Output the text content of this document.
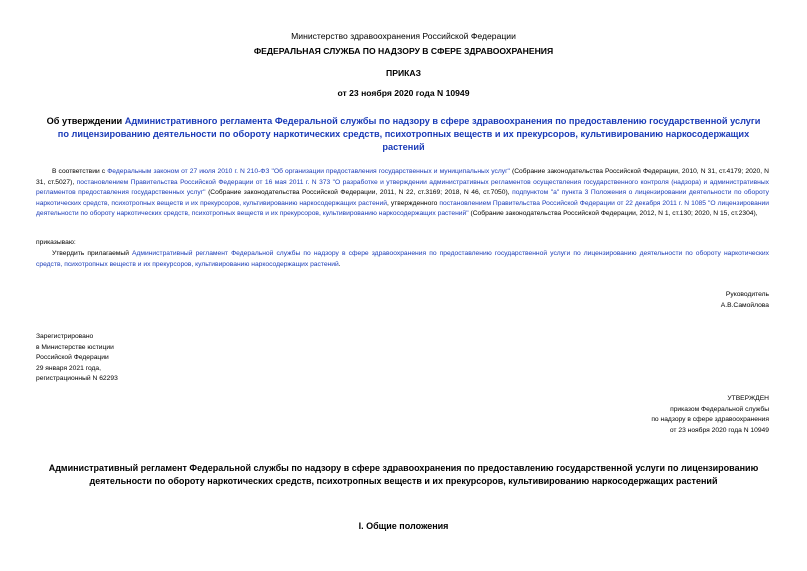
Министерство здравоохранения Российской Федерации
ФЕДЕРАЛЬНАЯ СЛУЖБА ПО НАДЗОРУ В СФЕРЕ ЗДРАВООХРАНЕНИЯ
ПРИКАЗ
от 23 ноября 2020 года N 10949
Об утверждении Административного регламента Федеральной службы по надзору в сфере здравоохранения по предоставлению государственной услуги по лицензированию деятельности по обороту наркотических средств, психотропных веществ и их прекурсоров, культивированию наркосодержащих растений
В соответствии с Федеральным законом от 27 июля 2010 г. N 210-ФЗ "Об организации предоставления государственных и муниципальных услуг" (Собрание законодательства Российской Федерации, 2010, N 31, ст.4179; 2020, N 31, ст.5027), постановлением Правительства Российской Федерации от 16 мая 2011 г. N 373 "О разработке и утверждении административных регламентов осуществления государственного контроля (надзора) и административных регламентов предоставления государственных услуг" (Собрание законодательства Российской Федерации, 2011, N 22, ст.3169; 2018, N 46, ст.7050), подпунктом "а" пункта 3 Положения о лицензировании деятельности по обороту наркотических средств, психотропных веществ и их прекурсоров, культивированию наркосодержащих растений, утвержденного постановлением Правительства Российской Федерации от 22 декабря 2011 г. N 1085 "О лицензировании деятельности по обороту наркотических средств, психотропных веществ и их прекурсоров, культивированию наркосодержащих растений" (Собрание законодательства Российской Федерации, 2012, N 1, ст.130; 2020, N 15, ст.2304),
приказываю:
Утвердить прилагаемый Административный регламент Федеральной службы по надзору в сфере здравоохранения по предоставлению государственной услуги по лицензированию деятельности по обороту наркотических средств, психотропных веществ и их прекурсоров, культивированию наркосодержащих растений.
Руководитель
А.В.Самойлова
Зарегистрировано
в Министерстве юстиции
Российской Федерации
29 января 2021 года,
регистрационный N 62293
УТВЕРЖДЕН
приказом Федеральной службы
по надзору в сфере здравоохранения
от 23 ноября 2020 года N 10949
Административный регламент Федеральной службы по надзору в сфере здравоохранения по предоставлению государственной услуги по лицензированию деятельности по обороту наркотических средств, психотропных веществ и их прекурсоров, культивированию наркосодержащих растений
I. Общие положения
